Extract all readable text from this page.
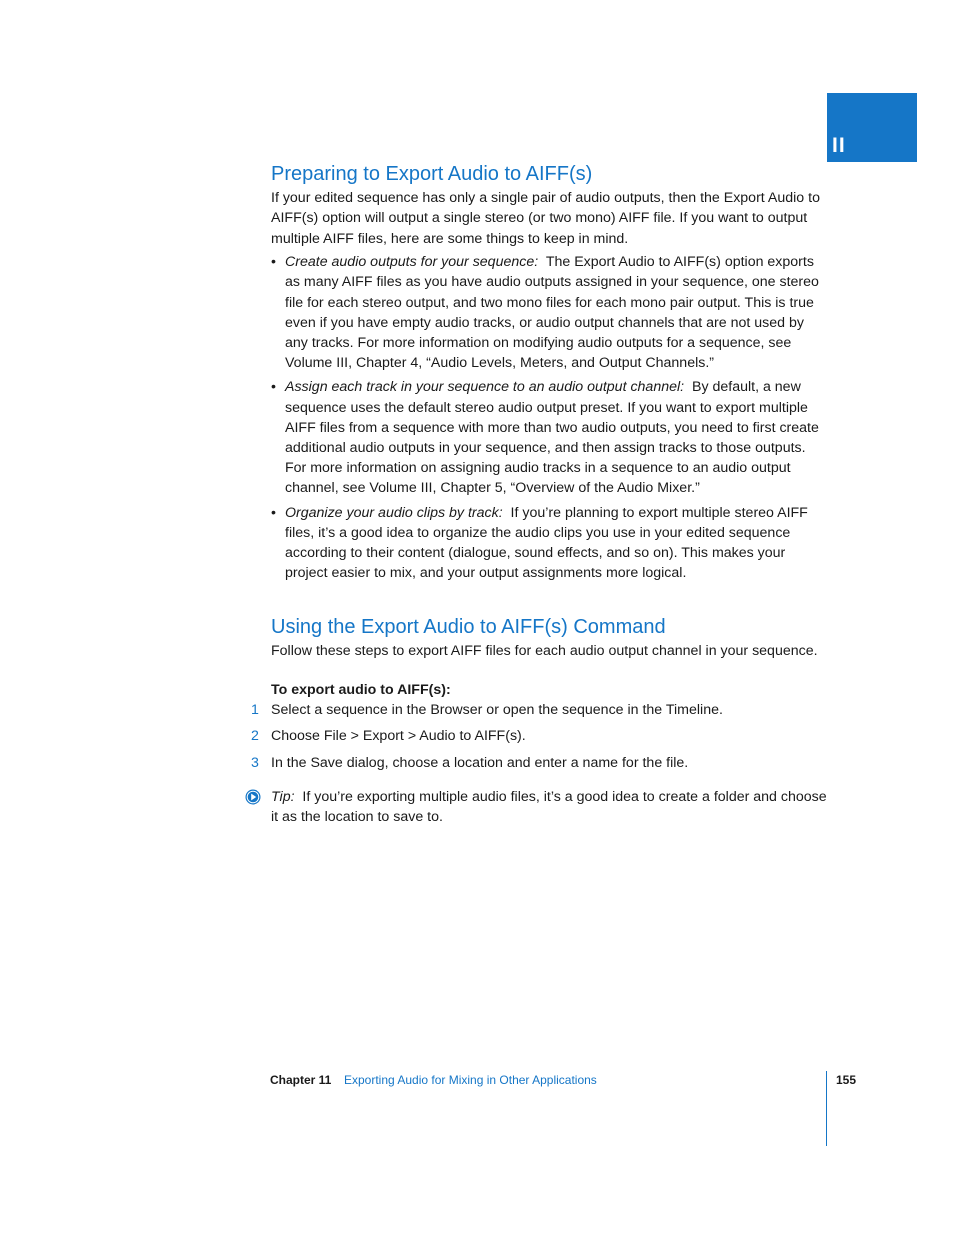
II
Preparing to Export Audio to AIFF(s)

If your edited sequence has only a single pair of audio outputs, then the Export Audio to AIFF(s) option will output a single stereo (or two mono) AIFF file. If you want to output multiple AIFF files, here are some things to keep in mind.

• Create audio outputs for your sequence: The Export Audio to AIFF(s) option exports as many AIFF files as you have audio outputs assigned in your sequence, one stereo file for each stereo output, and two mono files for each mono pair output. This is true even if you have empty audio tracks, or audio output channels that are not used by any tracks. For more information on modifying audio outputs for a sequence, see Volume III, Chapter 4, “Audio Levels, Meters, and Output Channels.”
• Assign each track in your sequence to an audio output channel: By default, a new sequence uses the default stereo audio output preset. If you want to export multiple AIFF files from a sequence with more than two audio outputs, you need to first create additional audio outputs in your sequence, and then assign tracks to those outputs. For more information on assigning audio tracks in a sequence to an audio output channel, see Volume III, Chapter 5, “Overview of the Audio Mixer.”
• Organize your audio clips by track: If you’re planning to export multiple stereo AIFF files, it’s a good idea to organize the audio clips you use in your edited sequence according to their content (dialogue, sound effects, and so on). This makes your project easier to mix, and your output assignments more logical.
Using the Export Audio to AIFF(s) Command

Follow these steps to export AIFF files for each audio output channel in your sequence.

To export audio to AIFF(s):
1 Select a sequence in the Browser or open the sequence in the Timeline.
2 Choose File > Export > Audio to AIFF(s).
3 In the Save dialog, choose a location and enter a name for the file.
Tip: If you’re exporting multiple audio files, it’s a good idea to create a folder and choose it as the location to save to.
Chapter 11 Exporting Audio for Mixing in Other Applications	155
